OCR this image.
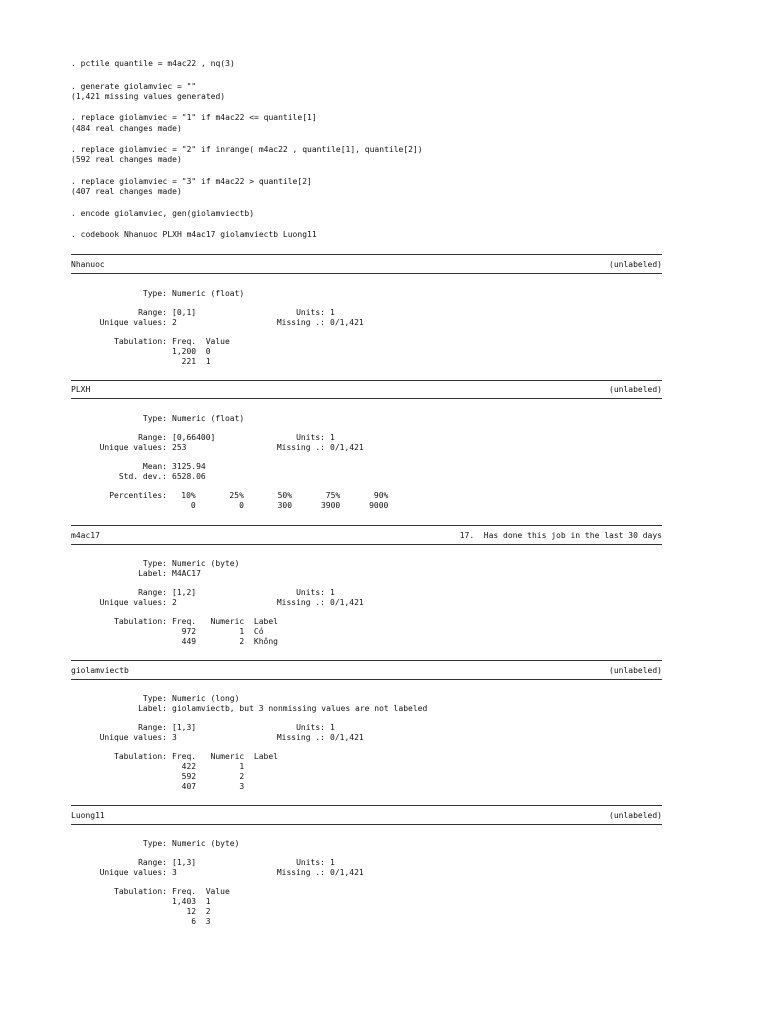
. pctile quantile = m4ac22 , nq(3)
. generate giolamviec = ""
(1,421 missing values generated)
. replace giolamviec = "1" if m4ac22 <= quantile[1]
(484 real changes made)
. replace giolamviec = "2" if inrange( m4ac22 , quantile[1], quantile[2])
(592 real changes made)
. replace giolamviec = "3" if m4ac22 > quantile[2]
(407 real changes made)
. encode giolamviec, gen(giolamviectb)
. codebook Nhanuoc PLXH m4ac17 giolamviectb Luong11
Nhanuoc	(unlabeled)
Type: Numeric (float)
Range: [0,1]	Units: 1
Unique values: 2	Missing .: 0/1,421
Tabulation: Freq.  Value
1,200  0
221  1
PLXH	(unlabeled)
Type: Numeric (float)
Range: [0,66400]	Units: 1
Unique values: 253	Missing .: 0/1,421
Mean: 3125.94
Std. dev.: 6528.06
Percentiles:
10%       25%       50%       75%       90%
0         0       300      3900      9000
m4ac17	17.  Has done this job in the last 30 days
Type: Numeric (byte)
Label: M4AC17
Range: [1,2]	Units: 1
Unique values: 2	Missing .: 0/1,421
Tabulation: Freq.   Numeric  Label
972         1  Có
449         2  Không
giolamviectb	(unlabeled)
Type: Numeric (long)
Label: giolamviectb, but 3 nonmissing values are not labeled
Range: [1,3]	Units: 1
Unique values: 3	Missing .: 0/1,421
Tabulation: Freq.   Numeric  Label
422         1
592         2
407         3
Luong11	(unlabeled)
Type: Numeric (byte)
Range: [1,3]	Units: 1
Unique values: 3	Missing .: 0/1,421
Tabulation: Freq.  Value
1,403  1
12  2
6  3
